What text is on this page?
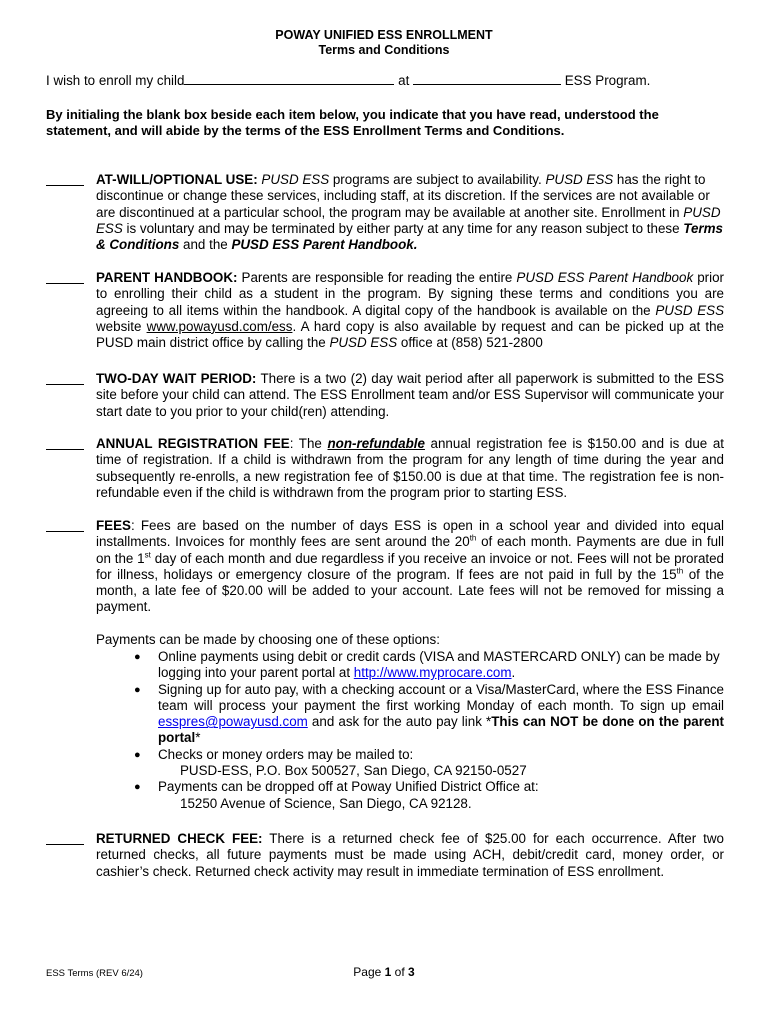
POWAY UNIFIED ESS ENROLLMENT
Terms and Conditions
I wish to enroll my child	at	ESS Program.
By initialing the blank box beside each item below, you indicate that you have read, understood the statement, and will abide by the terms of the ESS Enrollment Terms and Conditions.
AT-WILL/OPTIONAL USE: PUSD ESS programs are subject to availability. PUSD ESS has the right to discontinue or change these services, including staff, at its discretion. If the services are not available or are discontinued at a particular school, the program may be available at another site. Enrollment in PUSD ESS is voluntary and may be terminated by either party at any time for any reason subject to these Terms & Conditions and the PUSD ESS Parent Handbook.
PARENT HANDBOOK: Parents are responsible for reading the entire PUSD ESS Parent Handbook prior to enrolling their child as a student in the program. By signing these terms and conditions you are agreeing to all items within the handbook. A digital copy of the handbook is available on the PUSD ESS website www.powayusd.com/ess. A hard copy is also available by request and can be picked up at the PUSD main district office by calling the PUSD ESS office at (858) 521-2800
TWO-DAY WAIT PERIOD: There is a two (2) day wait period after all paperwork is submitted to the ESS site before your child can attend. The ESS Enrollment team and/or ESS Supervisor will communicate your start date to you prior to your child(ren) attending.
ANNUAL REGISTRATION FEE: The non-refundable annual registration fee is $150.00 and is due at time of registration. If a child is withdrawn from the program for any length of time during the year and subsequently re-enrolls, a new registration fee of $150.00 is due at that time. The registration fee is non-refundable even if the child is withdrawn from the program prior to starting ESS.
FEES: Fees are based on the number of days ESS is open in a school year and divided into equal installments. Invoices for monthly fees are sent around the 20th of each month. Payments are due in full on the 1st day of each month and due regardless if you receive an invoice or not. Fees will not be prorated for illness, holidays or emergency closure of the program. If fees are not paid in full by the 15th of the month, a late fee of $20.00 will be added to your account. Late fees will not be removed for missing a payment.
Payments can be made by choosing one of these options:
● Online payments using debit or credit cards (VISA and MASTERCARD ONLY) can be made by logging into your parent portal at http://www.myprocare.com.
● Signing up for auto pay, with a checking account or a Visa/MasterCard, where the ESS Finance team will process your payment the first working Monday of each month. To sign up email esspres@powayusd.com and ask for the auto pay link *This can NOT be done on the parent portal*
● Checks or money orders may be mailed to:
PUSD-ESS, P.O. Box 500527, San Diego, CA 92150-0527
● Payments can be dropped off at Poway Unified District Office at:
15250 Avenue of Science, San Diego, CA 92128.
RETURNED CHECK FEE: There is a returned check fee of $25.00 for each occurrence. After two returned checks, all future payments must be made using ACH, debit/credit card, money order, or cashier’s check. Returned check activity may result in immediate termination of ESS enrollment.
ESS Terms (REV 6/24)	Page 1 of 3
